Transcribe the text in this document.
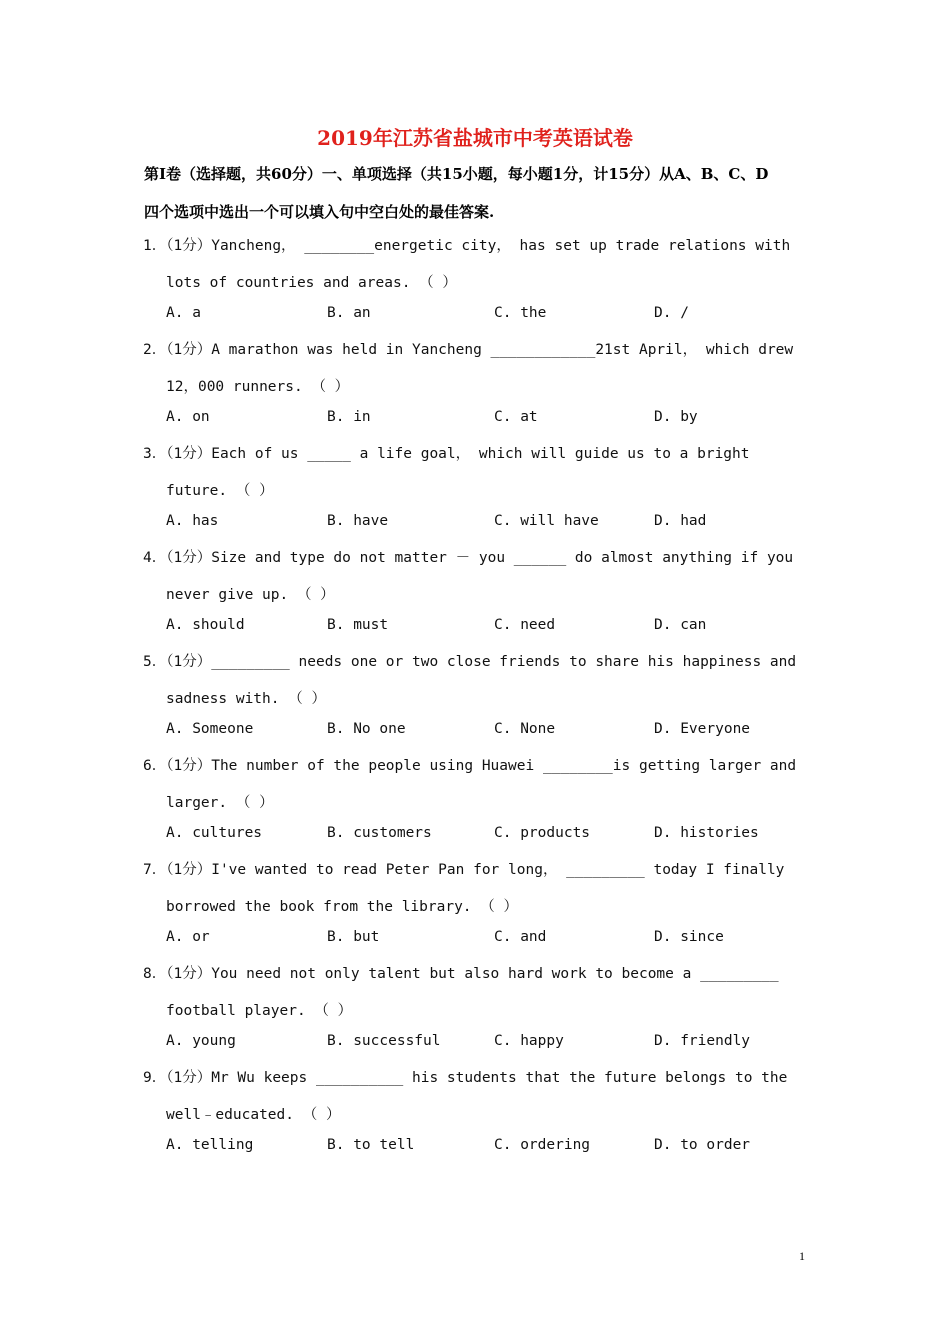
2019年江苏省盐城市中考英语试卷
第I卷（选择题，共60分）一、单项选择（共15小题，每小题1分，计15分）从A、B、C、D
四个选项中选出一个可以填入句中空白处的最佳答案.
1．（1分）Yancheng， ________energetic city， has set up trade relations with
lots of countries and areas. （ ）
A. a	B. an	C. the	D. /
2．（1分）A marathon was held in Yancheng ____________21st April， which drew
12，000 runners. （ ）
A. on	B. in	C. at	D. by
3．（1分）Each of us _____ a life goal， which will guide us to a bright
future. （ ）
A. has	B. have	C. will have	D. had
4．（1分）Size and type do not matter － you ______ do almost anything if you
never give up. （ ）
A. should	B. must	C. need	D. can
5．（1分）_________ needs one or two close friends to share his happiness and
sadness with. （ ）
A. Someone	B. No one	C. None	D. Everyone
6．（1分）The number of the people using Huawei ________is getting larger and
larger. （ ）
A. cultures	B. customers	C. products	D. histories
7．（1分）I've wanted to read Peter Pan for long， _________ today I finally
borrowed the book from the library. （ ）
A. or	B. but	C. and	D. since
8．（1分）You need not only talent but also hard work to become a _________
football player. （ ）
A. young	B. successful	C. happy	D. friendly
9．（1分）Mr Wu keeps __________ his students that the future belongs to the
well﹣educated. （ ）
A. telling	B. to tell	C. ordering	D. to order
1
